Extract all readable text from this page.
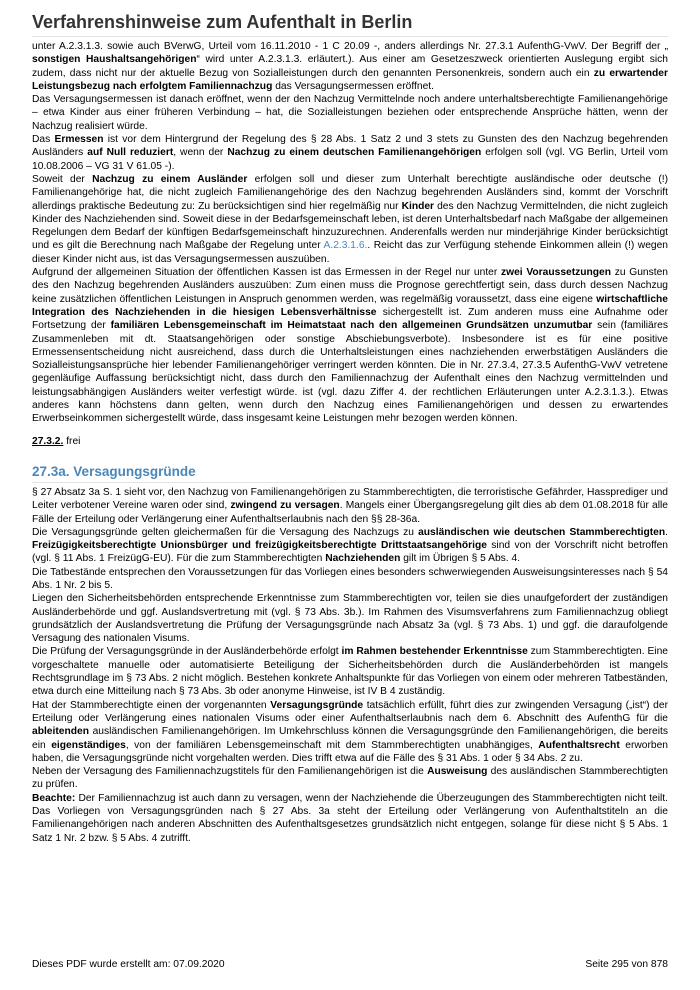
Verfahrenshinweise zum Aufenthalt in Berlin

unter A.2.3.1.3. sowie auch BVerwG, Urteil vom 16.11.2010 - 1 C 20.09 -, anders allerdings Nr. 27.3.1 AufenthG-VwV. Der Begriff der „ sonstigen Haushaltsangehörigen“ wird unter A.2.3.1.3. erläutert.). Aus einer am Gesetzeszweck orientierten Auslegung ergibt sich zudem, dass nicht nur der aktuelle Bezug von Sozialleistungen durch den genannten Personenkreis, sondern auch ein zu erwartender Leistungsbezug nach erfolgtem Familiennachzug das Versagungsermessen eröffnet.

Das Versagungsermessen ist danach eröffnet, wenn der den Nachzug Vermittelnde noch andere unterhaltsberechtigte Familienangehörige – etwa Kinder aus einer früheren Verbindung – hat, die Sozialleistungen beziehen oder entsprechende Ansprüche hätten, wenn der Nachzug realisiert würde.

Das Ermessen ist vor dem Hintergrund der Regelung des § 28 Abs. 1 Satz 2 und 3 stets zu Gunsten des den Nachzug begehrenden Ausländers auf Null reduziert, wenn der Nachzug zu einem deutschen Familienangehörigen erfolgen soll (vgl. VG Berlin, Urteil vom 10.08.2006 – VG 31 V 61.05 -).

Soweit der Nachzug zu einem Ausländer erfolgen soll und dieser zum Unterhalt berechtigte ausländische oder deutsche (!) Familienangehörige hat, die nicht zugleich Familienangehörige des den Nachzug begehrenden Ausländers sind, kommt der Vorschrift allerdings praktische Bedeutung zu: Zu berücksichtigen sind hier regelmäßig nur Kinder des den Nachzug Vermittelnden, die nicht zugleich Kinder des Nachziehenden sind. Soweit diese in der Bedarfsgemeinschaft leben, ist deren Unterhaltsbedarf nach Maßgabe der allgemeinen Regelungen dem Bedarf der künftigen Bedarfsgemeinschaft hinzuzurechnen. Anderenfalls werden nur minderjährige Kinder berücksichtigt und es gilt die Berechnung nach Maßgabe der Regelung unter A.2.3.1.6.. Reicht das zur Verfügung stehende Einkommen allein (!) wegen dieser Kinder nicht aus, ist das Versagungsermessen auszuüben.

Aufgrund der allgemeinen Situation der öffentlichen Kassen ist das Ermessen in der Regel nur unter zwei Voraussetzungen zu Gunsten des den Nachzug begehrenden Ausländers auszuüben: Zum einen muss die Prognose gerechtfertigt sein, dass durch dessen Nachzug keine zusätzlichen öffentlichen Leistungen in Anspruch genommen werden, was regelmäßig voraussetzt, dass eine eigene wirtschaftliche Integration des Nachziehenden in die hiesigen Lebensverhältnisse sichergestellt ist. Zum anderen muss eine Aufnahme oder Fortsetzung der familiären Lebensgemeinschaft im Heimatstaat nach den allgemeinen Grundsätzen unzumutbar sein (familiäres Zusammenleben mit dt. Staatsangehörigen oder sonstige Abschiebungsverbote). Insbesondere ist es für eine positive Ermessensentscheidung nicht ausreichend, dass durch die Unterhaltsleistungen eines nachziehenden erwerbstätigen Ausländers die Sozialleistungsansprüche hier lebender Familienangehöriger verringert werden könnten. Die in Nr. 27.3.4, 27.3.5 AufenthG-VwV vetretene gegenläufige Auffassung berücksichtigt nicht, dass durch den Familiennachzug der Aufenthalt eines den Nachzug vermittelnden und leistungsabhängigen Ausländers weiter verfestigt würde. ist (vgl. dazu Ziffer 4. der rechtlichen Erläuterungen unter A.2.3.1.3.). Etwas anderes kann höchstens dann gelten, wenn durch den Nachzug eines Familienangehörigen und dessen zu erwartendes Erwerbseinkommen sichergestellt würde, dass insgesamt keine Leistungen mehr bezogen werden können.

27.3.2. frei

27.3a. Versagungsgründe

§ 27 Absatz 3a S. 1 sieht vor, den Nachzug von Familienangehörigen zu Stammberechtigten, die terroristische Gefährder, Hassprediger und Leiter verbotener Vereine waren oder sind, zwingend zu versagen. Mangels einer Übergangsregelung gilt dies ab dem 01.08.2018 für alle Fälle der Erteilung oder Verlängerung einer Aufenthaltserlaubnis nach den §§ 28-36a.

Die Versagungsgründe gelten gleichermaßen für die Versagung des Nachzugs zu ausländischen wie deutschen Stammberechtigten. Freizügigkeitsberechtigte Unionsbürger und freizügigkeitsberechtigte Drittstaatsangehörige sind von der Vorschrift nicht betroffen (vgl. § 11 Abs. 1 FreizügG-EU). Für die zum Stammberechtigten Nachziehenden gilt im Übrigen § 5 Abs. 4.

Die Tatbestände entsprechen den Voraussetzungen für das Vorliegen eines besonders schwerwiegenden Ausweisungsinteresses nach § 54 Abs. 1 Nr. 2 bis 5.

Liegen den Sicherheitsbehörden entsprechende Erkenntnisse zum Stammberechtigten vor, teilen sie dies unaufgefordert der zuständigen Ausländerbehörde und ggf. Auslandsvertretung mit (vgl. § 73 Abs. 3b.). Im Rahmen des Visumsverfahrens zum Familiennachzug obliegt grundsätzlich der Auslandsvertretung die Prüfung der Versagungsgründe nach Absatz 3a (vgl. § 73 Abs. 1) und ggf. die daraufolgende Versagung des nationalen Visums.

Die Prüfung der Versagungsgründe in der Ausländerbehörde erfolgt im Rahmen bestehender Erkenntnisse zum Stammberechtigten. Eine vorgeschaltete manuelle oder automatisierte Beteiligung der Sicherheitsbehörden durch die Ausländerbehörden ist mangels Rechtsgrundlage im § 73 Abs. 2 nicht möglich. Bestehen konkrete Anhaltspunkte für das Vorliegen von einem oder mehreren Tatbeständen, etwa durch eine Mitteilung nach § 73 Abs. 3b oder anonyme Hinweise, ist IV B 4 zuständig.

Hat der Stammberechtigte einen der vorgenannten Versagungsgründe tatsächlich erfüllt, führt dies zur zwingenden Versagung („ist“) der Erteilung oder Verlängerung eines nationalen Visums oder einer Aufenthaltserlaubnis nach dem 6. Abschnitt des AufenthG für die ableitenden ausländischen Familienangehörigen. Im Umkehrschluss können die Versagungsgründe den Familienangehörigen, die bereits ein eigenständiges, von der familiären Lebensgemeinschaft mit dem Stammberechtigten unabhängiges, Aufenthaltsrecht erworben haben, die Versagungsgründe nicht vorgehalten werden. Dies trifft etwa auf die Fälle des § 31 Abs. 1 oder § 34 Abs. 2 zu.

Neben der Versagung des Familiennachzugstitels für den Familienangehörigen ist die Ausweisung des ausländischen Stammberechtigten zu prüfen.

Beachte: Der Familiennachzug ist auch dann zu versagen, wenn der Nachziehende die Überzeugungen des Stammberechtigten nicht teilt. Das Vorliegen von Versagungsgründen nach § 27 Abs. 3a steht der Erteilung oder Verlängerung von Aufenthaltstiteln an die Familienangehörigen nach anderen Abschnitten des Aufenthaltsgesetzes grundsätzlich nicht entgegen, solange für diese nicht § 5 Abs. 1 Satz 1 Nr. 2 bzw. § 5 Abs. 4 zutrifft.

Dieses PDF wurde erstellt am: 07.09.2020	Seite 295 von 878
